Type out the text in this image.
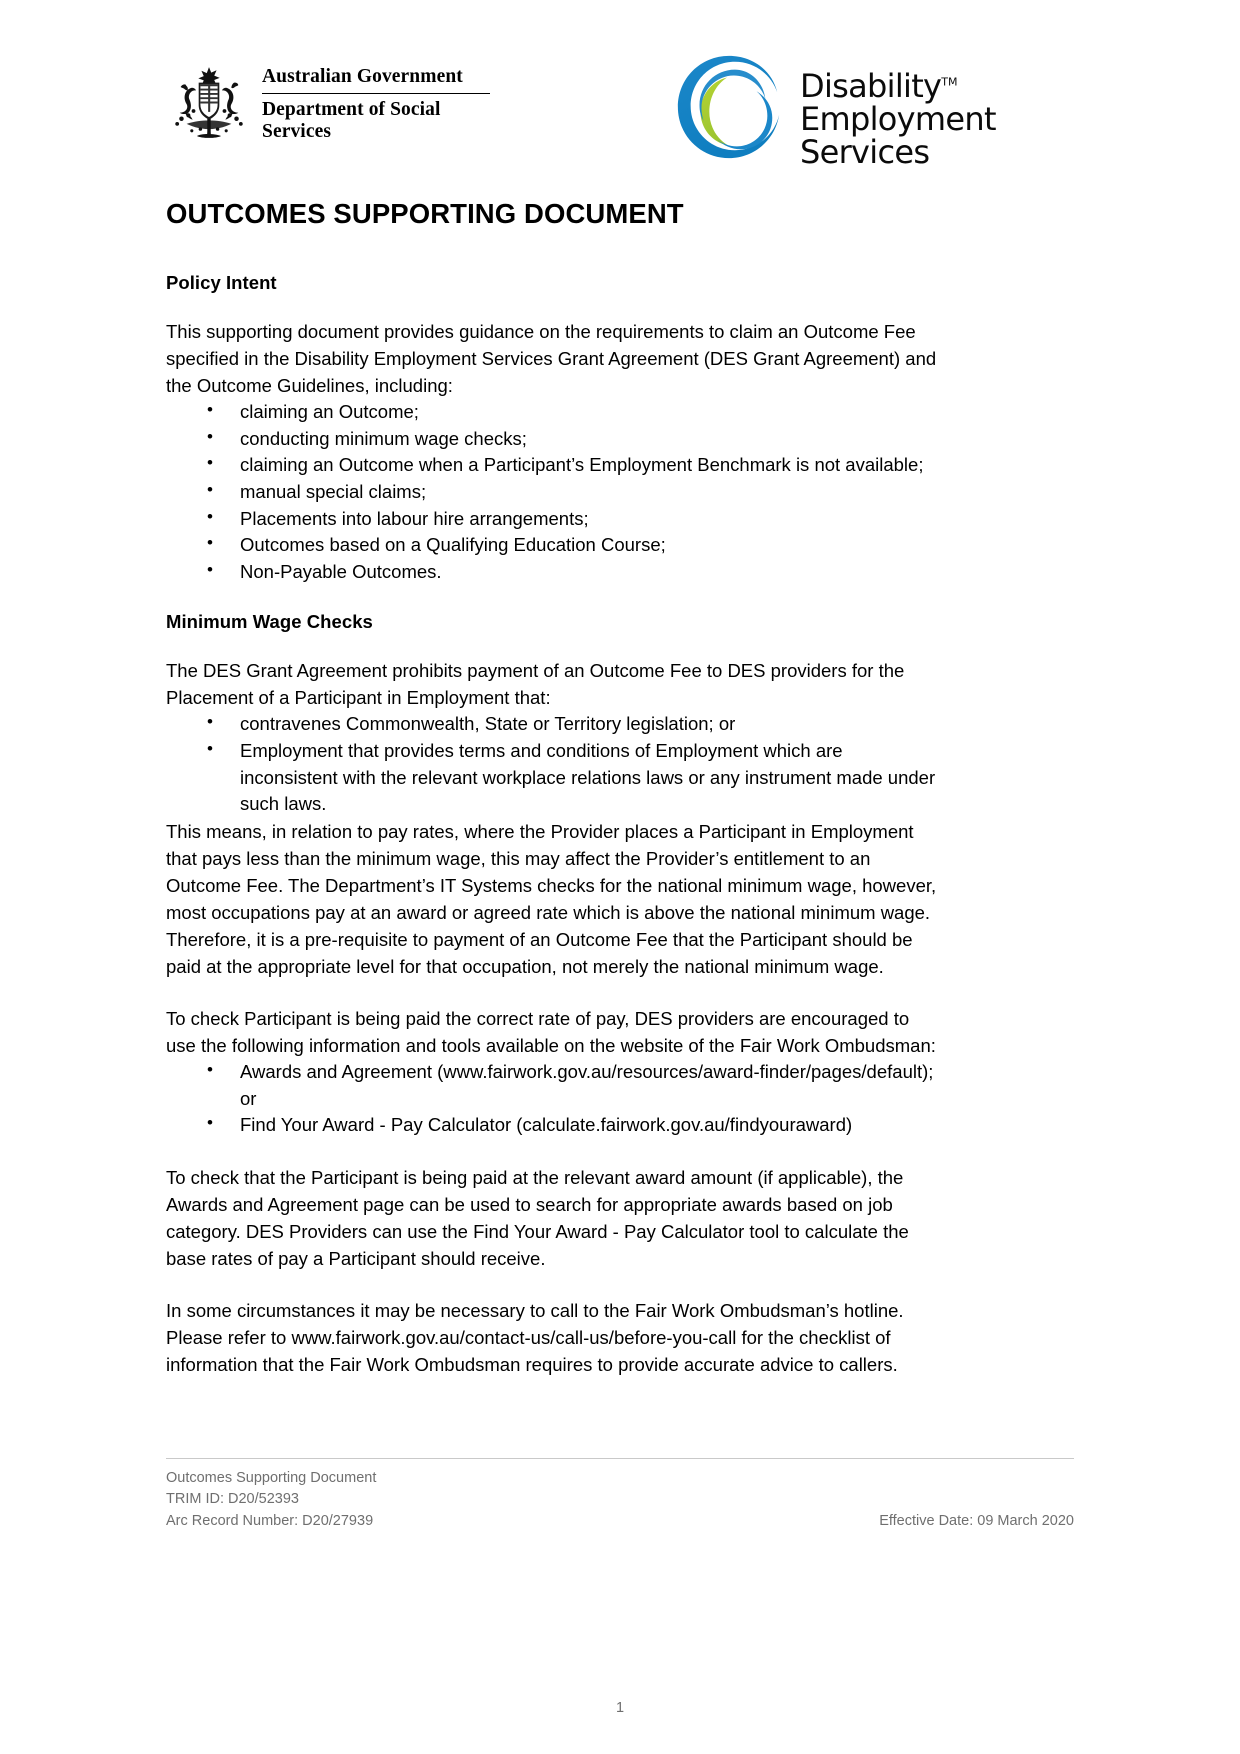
Australian Government
Department of Social Services
Disability™
Employment
Services
OUTCOMES SUPPORTING DOCUMENT
Policy Intent

This supporting document provides guidance on the requirements to claim an Outcome Fee specified in the Disability Employment Services Grant Agreement (DES Grant Agreement) and the Outcome Guidelines, including:

• claiming an Outcome;
• conducting minimum wage checks;
• claiming an Outcome when a Participant’s Employment Benchmark is not available;
• manual special claims;
• Placements into labour hire arrangements;
• Outcomes based on a Qualifying Education Course;
• Non-Payable Outcomes.
Minimum Wage Checks

The DES Grant Agreement prohibits payment of an Outcome Fee to DES providers for the Placement of a Participant in Employment that:

• contravenes Commonwealth, State or Territory legislation; or
• Employment that provides terms and conditions of Employment which are inconsistent with the relevant workplace relations laws or any instrument made under such laws.

This means, in relation to pay rates, where the Provider places a Participant in Employment that pays less than the minimum wage, this may affect the Provider’s entitlement to an Outcome Fee. The Department’s IT Systems checks for the national minimum wage, however, most occupations pay at an award or agreed rate which is above the national minimum wage. Therefore, it is a pre-requisite to payment of an Outcome Fee that the Participant should be paid at the appropriate level for that occupation, not merely the national minimum wage.

To check Participant is being paid the correct rate of pay, DES providers are encouraged to use the following information and tools available on the website of the Fair Work Ombudsman:

• Awards and Agreement (www.fairwork.gov.au/resources/award-finder/pages/default); or
• Find Your Award - Pay Calculator (calculate.fairwork.gov.au/findyouraward)

To check that the Participant is being paid at the relevant award amount (if applicable), the Awards and Agreement page can be used to search for appropriate awards based on job category. DES Providers can use the Find Your Award - Pay Calculator tool to calculate the base rates of pay a Participant should receive.

In some circumstances it may be necessary to call to the Fair Work Ombudsman’s hotline. Please refer to www.fairwork.gov.au/contact-us/call-us/before-you-call for the checklist of information that the Fair Work Ombudsman requires to provide accurate advice to callers.

Outcomes Supporting Document
TRIM ID: D20/52393
Arc Record Number: D20/27939	Effective Date: 09 March 2020
1
